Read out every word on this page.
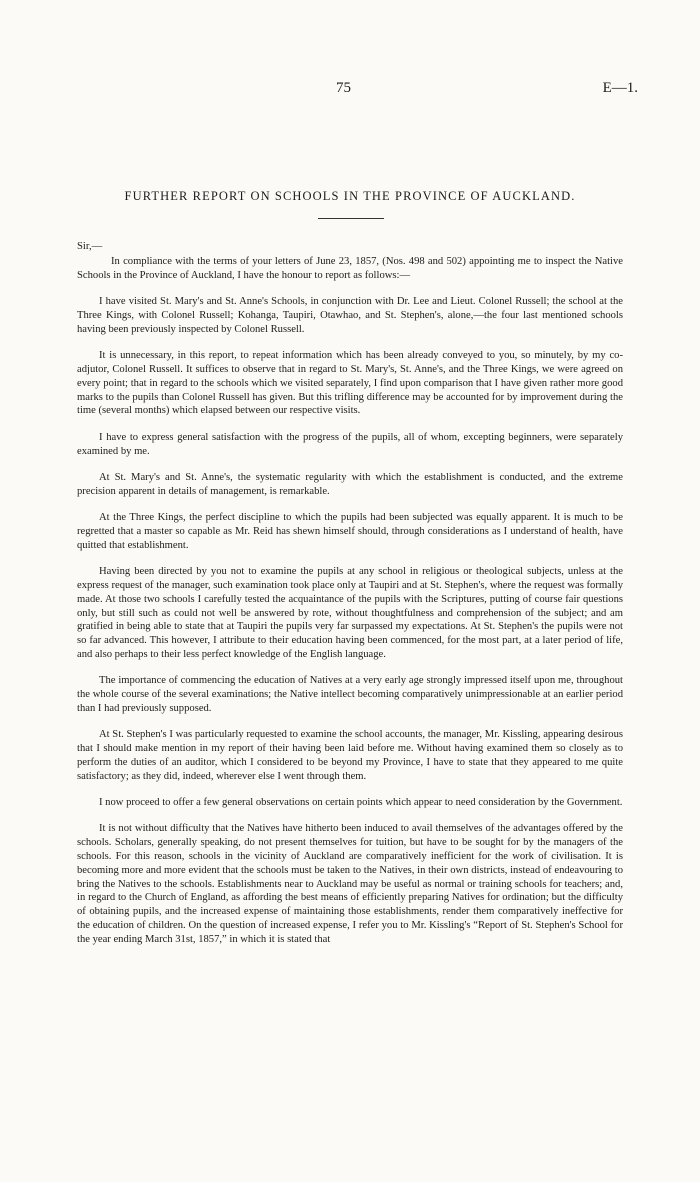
75	E—1.
FURTHER REPORT ON SCHOOLS IN THE PROVINCE OF AUCKLAND.

Sir,—

In compliance with the terms of your letters of June 23, 1857, (Nos. 498 and 502) appointing me to inspect the Native Schools in the Province of Auckland, I have the honour to report as follows:—

I have visited St. Mary's and St. Anne's Schools, in conjunction with Dr. Lee and Lieut. Colonel Russell; the school at the Three Kings, with Colonel Russell; Kohanga, Taupiri, Otawhao, and St. Stephen's, alone,—the four last mentioned schools having been previously inspected by Colonel Russell.

It is unnecessary, in this report, to repeat information which has been already conveyed to you, so minutely, by my co-adjutor, Colonel Russell. It suffices to observe that in regard to St. Mary's, St. Anne's, and the Three Kings, we were agreed on every point; that in regard to the schools which we visited separately, I find upon comparison that I have given rather more good marks to the pupils than Colonel Russell has given. But this trifling difference may be accounted for by improvement during the time (several months) which elapsed between our respective visits.

I have to express general satisfaction with the progress of the pupils, all of whom, excepting beginners, were separately examined by me.

At St. Mary's and St. Anne's, the systematic regularity with which the establishment is conducted, and the extreme precision apparent in details of management, is remarkable.

At the Three Kings, the perfect discipline to which the pupils had been subjected was equally apparent. It is much to be regretted that a master so capable as Mr. Reid has shewn himself should, through considerations as I understand of health, have quitted that establishment.

Having been directed by you not to examine the pupils at any school in religious or theological subjects, unless at the express request of the manager, such examination took place only at Taupiri and at St. Stephen's, where the request was formally made. At those two schools I carefully tested the acquaintance of the pupils with the Scriptures, putting of course fair questions only, but still such as could not well be answered by rote, without thoughtfulness and comprehension of the subject; and am gratified in being able to state that at Taupiri the pupils very far surpassed my expectations. At St. Stephen's the pupils were not so far advanced. This however, I attribute to their education having been commenced, for the most part, at a later period of life, and also perhaps to their less perfect knowledge of the English language.

The importance of commencing the education of Natives at a very early age strongly impressed itself upon me, throughout the whole course of the several examinations; the Native intellect becoming comparatively unimpressionable at an earlier period than I had previously supposed.

At St. Stephen's I was particularly requested to examine the school accounts, the manager, Mr. Kissling, appearing desirous that I should make mention in my report of their having been laid before me. Without having examined them so closely as to perform the duties of an auditor, which I considered to be beyond my Province, I have to state that they appeared to me quite satisfactory; as they did, indeed, wherever else I went through them.

I now proceed to offer a few general observations on certain points which appear to need consideration by the Government.

It is not without difficulty that the Natives have hitherto been induced to avail themselves of the advantages offered by the schools. Scholars, generally speaking, do not present themselves for tuition, but have to be sought for by the managers of the schools. For this reason, schools in the vicinity of Auckland are comparatively inefficient for the work of civilisation. It is becoming more and more evident that the schools must be taken to the Natives, in their own districts, instead of endeavouring to bring the Natives to the schools. Establishments near to Auckland may be useful as normal or training schools for teachers; and, in regard to the Church of England, as affording the best means of efficiently preparing Natives for ordination; but the difficulty of obtaining pupils, and the increased expense of maintaining those establishments, render them comparatively ineffective for the education of children. On the question of increased expense, I refer you to Mr. Kissling's “Report of St. Stephen's School for the year ending March 31st, 1857,” in which it is stated that
